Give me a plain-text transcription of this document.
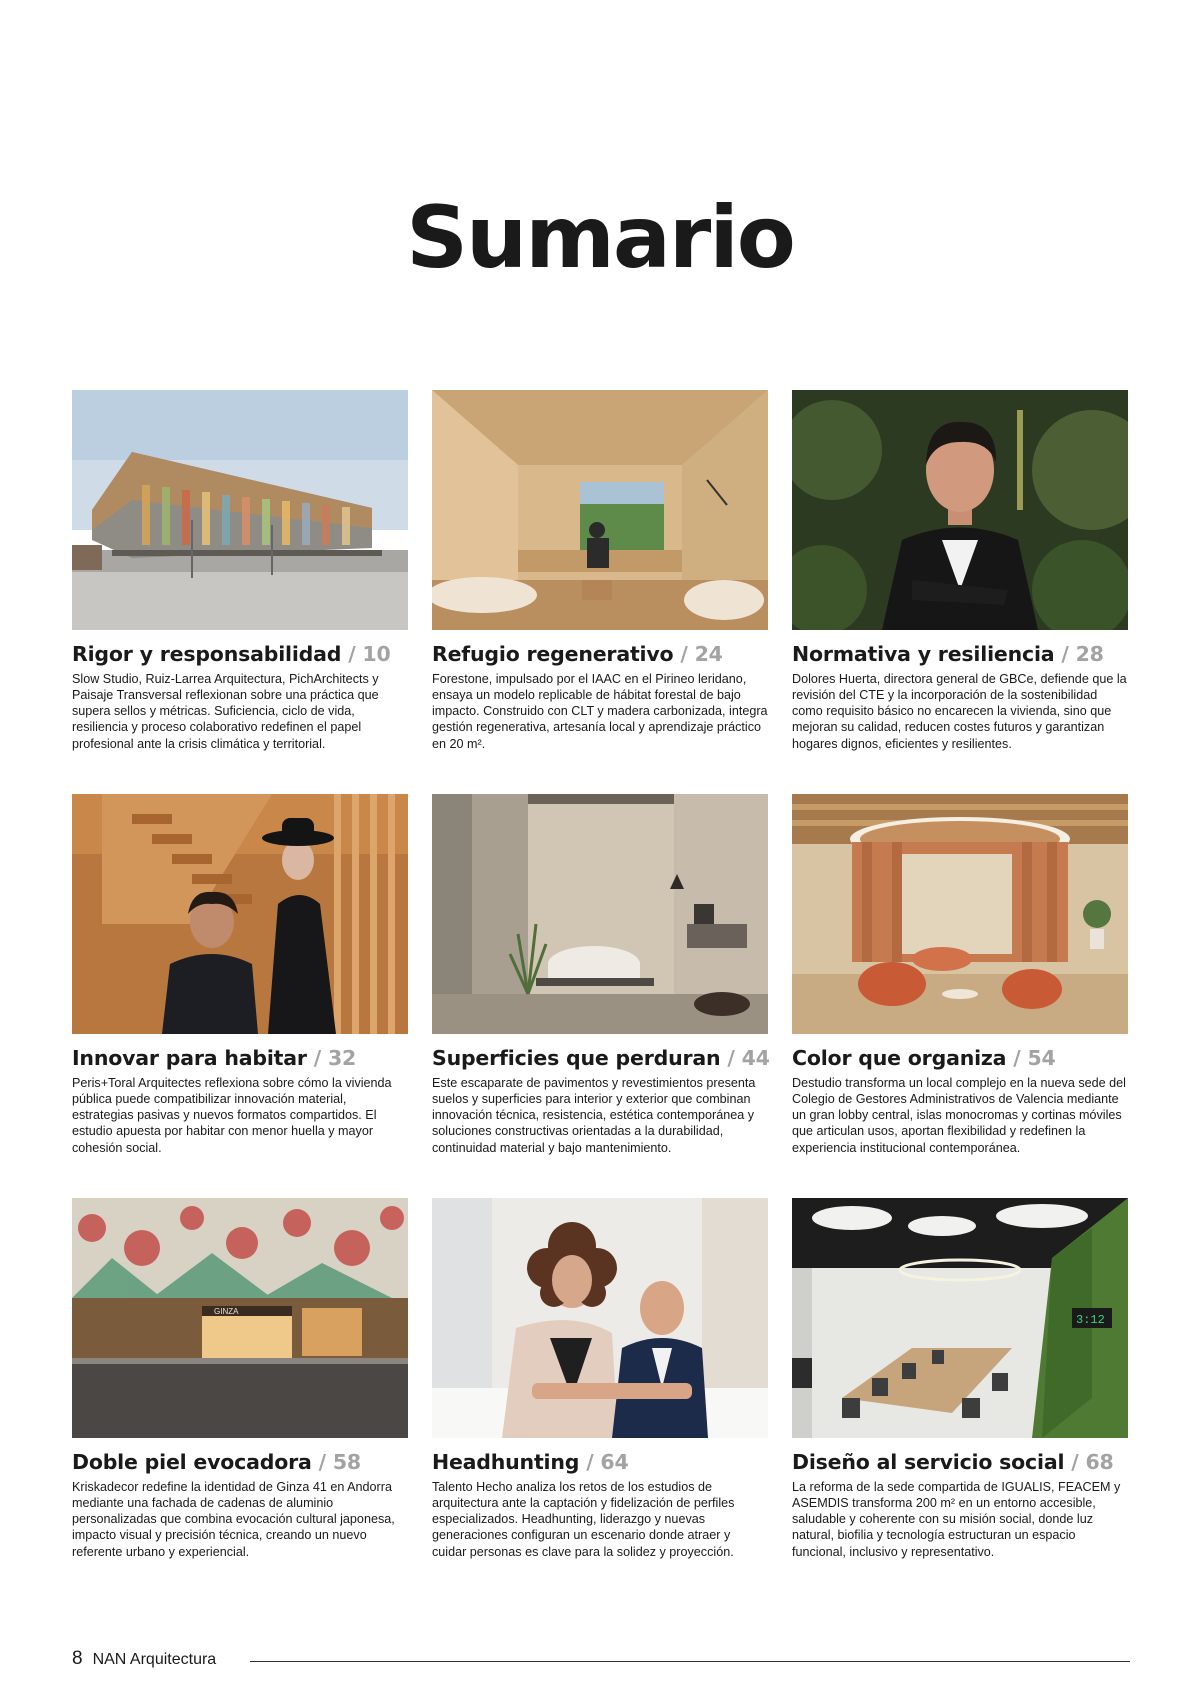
Sumario
Rigor y responsabilidad / 10

Slow Studio, Ruiz-Larrea Arquitectura, PichArchitects y Paisaje Transversal reflexionan sobre una práctica que supera sellos y métricas. Suficiencia, ciclo de vida, resiliencia y proceso colaborativo redefinen el papel profesional ante la crisis climática y territorial.

Refugio regenerativo / 24

Forestone, impulsado por el IAAC en el Pirineo leridano, ensaya un modelo replicable de hábitat forestal de bajo impacto. Construido con CLT y madera carbonizada, integra gestión regenerativa, artesanía local y aprendizaje práctico en 20 m².

Normativa y resiliencia / 28

Dolores Huerta, directora general de GBCe, defiende que la revisión del CTE y la incorporación de la sostenibilidad como requisito básico no encarecen la vivienda, sino que mejoran su calidad, reducen costes futuros y garantizan hogares dignos, eficientes y resilientes.

Innovar para habitar / 32

Peris+Toral Arquitectes reflexiona sobre cómo la vivienda pública puede compatibilizar innovación material, estrategias pasivas y nuevos formatos compartidos. El estudio apuesta por habitar con menor huella y mayor cohesión social.

Superficies que perduran / 44

Este escaparate de pavimentos y revestimientos presenta suelos y superficies para interior y exterior que combinan innovación técnica, resistencia, estética contemporánea y soluciones constructivas orientadas a la durabilidad, continuidad material y bajo mantenimiento.

Color que organiza / 54

Destudio transforma un local complejo en la nueva sede del Colegio de Gestores Administrativos de Valencia mediante un gran lobby central, islas monocromas y cortinas móviles que articulan usos, aportan flexibilidad y redefinen la experiencia institucional contemporánea.

GINZA
Doble piel evocadora / 58

Kriskadecor redefine la identidad de Ginza 41 en Andorra mediante una fachada de cadenas de aluminio personalizadas que combina evocación cultural japonesa, impacto visual y precisión técnica, creando un nuevo referente urbano y experiencial.

Headhunting / 64

Talento Hecho analiza los retos de los estudios de arquitectura ante la captación y fidelización de perfiles especializados. Headhunting, liderazgo y nuevas generaciones configuran un escenario donde atraer y cuidar personas es clave para la solidez y proyección.

3:12
Diseño al servicio social / 68

La reforma de la sede compartida de IGUALIS, FEACEM y ASEMDIS transforma 200 m² en un entorno accesible, saludable y coherente con su misión social, donde luz natural, biofilia y tecnología estructuran un espacio funcional, inclusivo y representativo.

8 NAN Arquitectura
